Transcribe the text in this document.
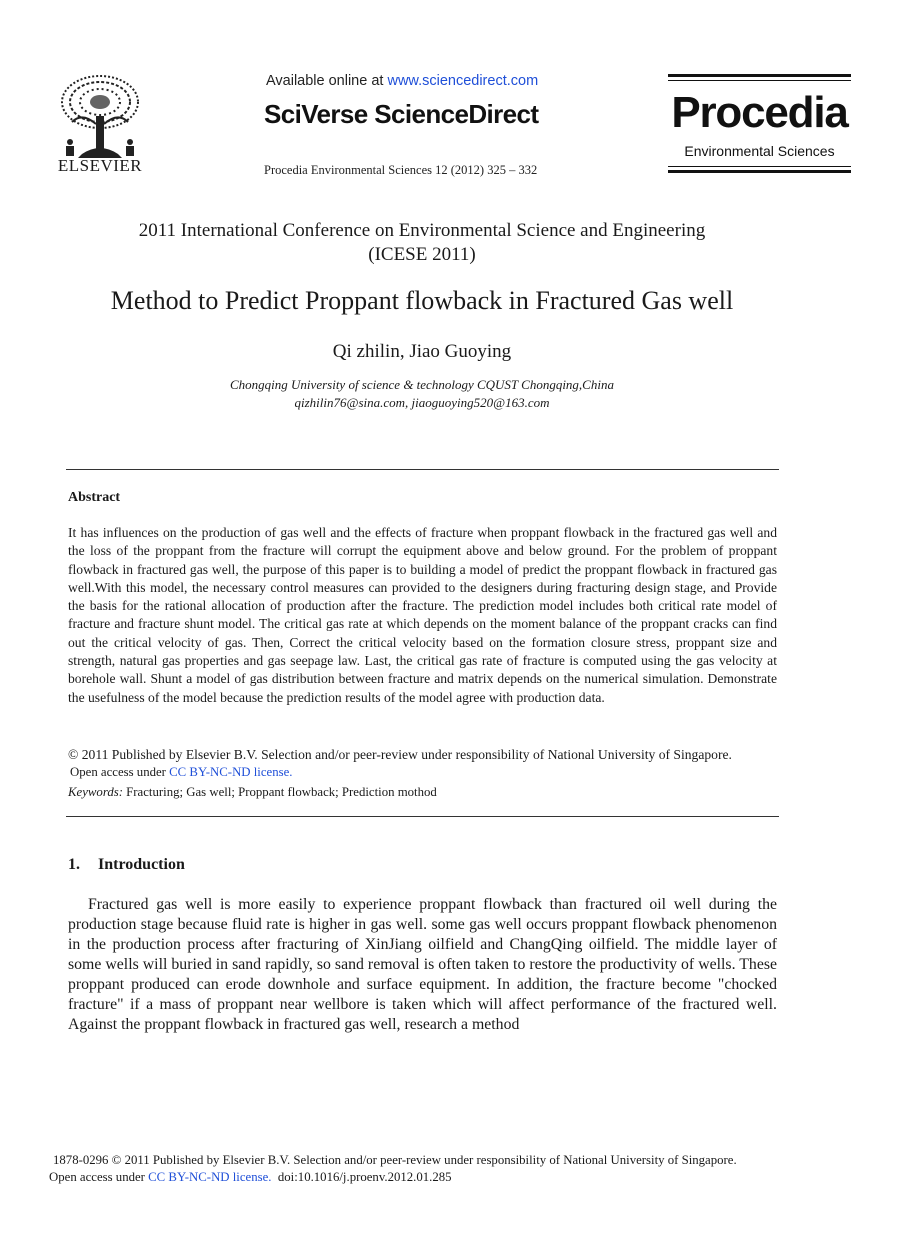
ELSEVIER
Available online at www.sciencedirect.com
SciVerse ScienceDirect
Procedia Environmental Sciences 12 (2012) 325 – 332
Procedia
Environmental Sciences
2011 International Conference on Environmental Science and Engineering
(ICESE 2011)
Method to Predict Proppant flowback in Fractured Gas well
Qi zhilin, Jiao Guoying
Chongqing University of science & technology CQUST Chongqing,China
qizhilin76@sina.com, jiaoguoying520@163.com
Abstract
It has influences on the production of gas well and the effects of fracture when proppant flowback in the fractured gas well and the loss of the proppant from the fracture will corrupt the equipment above and below ground. For the problem of proppant flowback in fractured gas well, the purpose of this paper is to building a model of predict the proppant flowback in fractured gas well.With this model, the necessary control measures can provided to the designers during fracturing design stage, and Provide the basis for the rational allocation of production after the fracture. The prediction model includes both critical rate model of fracture and fracture shunt model. The critical gas rate at which depends on the moment balance of the proppant cracks can find out the critical velocity of gas. Then, Correct the critical velocity based on the formation closure stress, proppant size and strength, natural gas properties and gas seepage law. Last, the critical gas rate of fracture is computed using the gas velocity at borehole wall. Shunt a model of gas distribution between fracture and matrix depends on the numerical simulation. Demonstrate the usefulness of the model because the prediction results of the model agree with production data.
© 2011 Published by Elsevier B.V. Selection and/or peer-review under responsibility of National University of Singapore.
Open access under CC BY-NC-ND license.
Keywords: Fracturing; Gas well; Proppant flowback; Prediction mothod
1. Introduction
Fractured gas well is more easily to experience proppant flowback than fractured oil well during the production stage because fluid rate is higher in gas well. some gas well occurs proppant flowback phenomenon in the production process after fracturing of XinJiang oilfield and ChangQing oilfield. The middle layer of some wells will buried in sand rapidly, so sand removal is often taken to restore the productivity of wells. These proppant produced can erode downhole and surface equipment. In addition, the fracture become "chocked fracture" if a mass of proppant near wellbore is taken which will affect performance of the fractured well. Against the proppant flowback in fractured gas well, research a method
1878-0296 © 2011 Published by Elsevier B.V. Selection and/or peer-review under responsibility of National University of Singapore.
Open access under CC BY-NC-ND license.  doi:10.1016/j.proenv.2012.01.285
